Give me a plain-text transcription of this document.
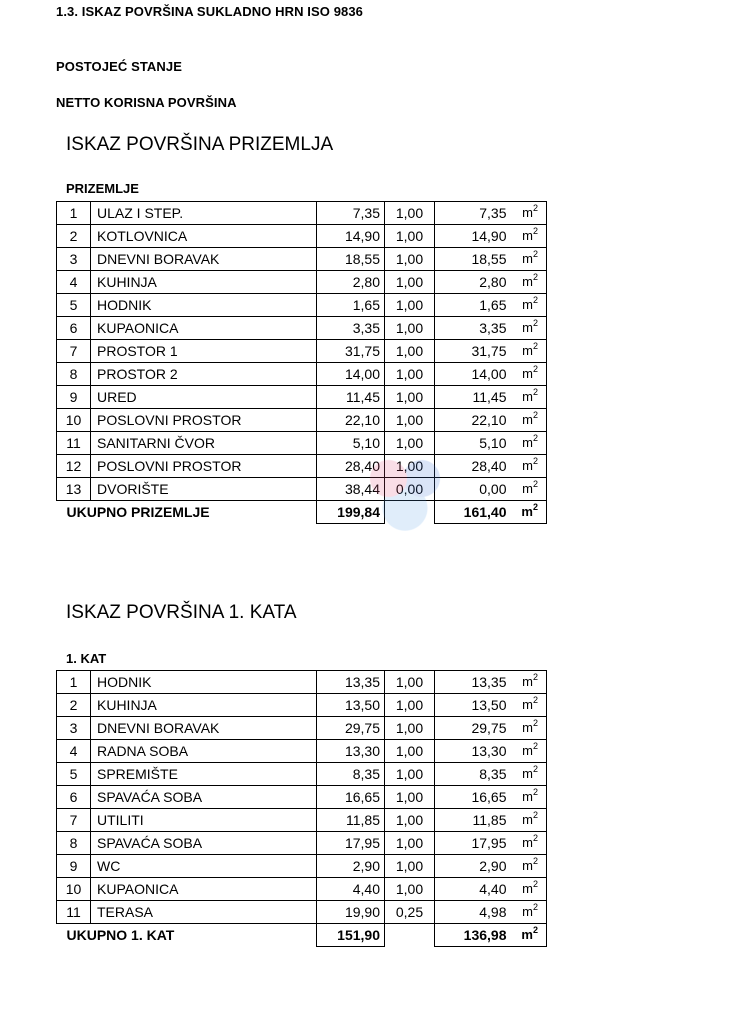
1.3. ISKAZ POVRŠINA SUKLADNO HRN ISO 9836
POSTOJEĆ STANJE
NETTO KORISNA POVRŠINA
ISKAZ POVRŠINA PRIZEMLJA
PRIZEMLJE
1	ULAZ I STEP.	7,35	1,00	7,35	$m^2$
2	KOTLOVNICA	14,90	1,00	14,90	$m^2$
3	DNEVNI BORAVAK	18,55	1,00	18,55	$m^2$
4	KUHINJA	2,80	1,00	2,80	$m^2$
5	HODNIK	1,65	1,00	1,65	$m^2$
6	KUPAONICA	3,35	1,00	3,35	$m^2$
7	PROSTOR 1	31,75	1,00	31,75	$m^2$
8	PROSTOR 2	14,00	1,00	14,00	$m^2$
9	URED	11,45	1,00	11,45	$m^2$
10	POSLOVNI PROSTOR	22,10	1,00	22,10	$m^2$
11	SANITARNI ČVOR	5,10	1,00	5,10	$m^2$
12	POSLOVNI PROSTOR	28,40	1,00	28,40	$m^2$
13	DVORIŠTE	38,44	0,00	0,00	$m^2$
UKUPNO PRIZEMLJE		199,84		161,40	$m^2$
ISKAZ POVRŠINA 1. KATA
1. KAT
1	HODNIK	13,35	1,00	13,35	$m^2$
2	KUHINJA	13,50	1,00	13,50	$m^2$
3	DNEVNI BORAVAK	29,75	1,00	29,75	$m^2$
4	RADNA SOBA	13,30	1,00	13,30	$m^2$
5	SPREMIŠTE	8,35	1,00	8,35	$m^2$
6	SPAVAĆA SOBA	16,65	1,00	16,65	$m^2$
7	UTILITI	11,85	1,00	11,85	$m^2$
8	SPAVAĆA SOBA	17,95	1,00	17,95	$m^2$
9	WC	2,90	1,00	2,90	$m^2$
10	KUPAONICA	4,40	1,00	4,40	$m^2$
11	TERASA	19,90	0,25	4,98	$m^2$
UKUPNO 1. KAT		151,90		136,98	$m^2$
